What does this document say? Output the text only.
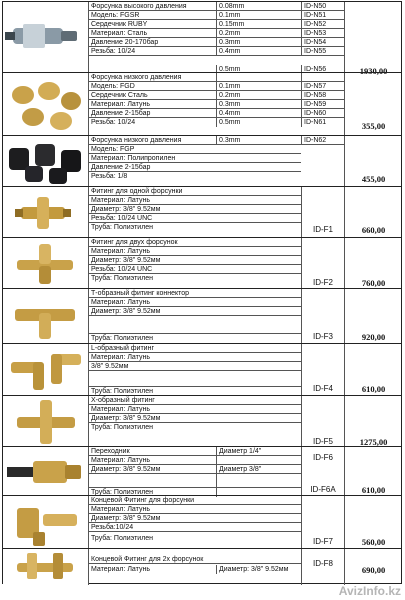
Форсунка высокого давления	0.08mm	ID-N50
Модель: FGSR	0.1mm	ID-N51
Сердечник RUBY	0.15mm	ID-N52
Материал: Сталь	0.2mm	ID-N53
Давление 20-170бар	0.3mm	ID-N54
Резьба: 10/24	0.4mm	ID-N55
0.5mm	ID-N56	1930,00
Форсунка низкого давления
Модель: FGD	0.1mm	ID-N57
Сердечник Сталь	0.2mm	ID-N58
Материал: Латунь	0.3mm	ID-N59
Давление 2-15бар	0.4mm	ID-N60
Резьба: 10/24	0.5mm	ID-N61	355,00
Форсунка низкого давления	0.3mm	ID-N62
Модель: FGP
Материал: Полипропилен
Давление 2-15бар
Резьба: 1/8	455,00
Фитинг для одной форсунки
Материал: Латунь
Диаметр: 3/8" 9.52мм
Резьба: 10/24 UNC
Труба: Полиэтилен	ID-F1	660,00
Фитинг для двух форсунок
Материал: Латунь
Диаметр: 3/8" 9.52мм
Резьба: 10/24 UNC
Труба: Полиэтилен	ID-F2	760,00
Т-образный фитинг коннектор
Материал: Латунь
Диаметр: 3/8" 9.52мм
Труба: Полиэтилен	ID-F3	920,00
L-образный фитинг
Материал: Латунь
3/8" 9.52мм
Труба: Полиэтилен	ID-F4	610,00
Х-образный фитинг
Материал: Латунь
Диаметр: 3/8" 9.52мм
Труба: Полиэтилен
ID-F5	1275,00
Переходник	Диаметр 1/4"
Материал: Латунь
Диаметр: 3/8" 9.52мм	Диаметр 3/8"
Труба: Полиэтилен
ID-F6
ID-F6A	610,00
Концевой Фитинг для форсунки
Материал: Латунь
Диаметр: 3/8" 9.52мм
Резьба:10/24
Труба: Полиэтилен	ID-F7	560,00
Концевой Фитинг для 2х форсунок
Материал: Латунь	Диаметр: 3/8" 9.52мм
ID-F8
690,00
AvizInfo.kz
